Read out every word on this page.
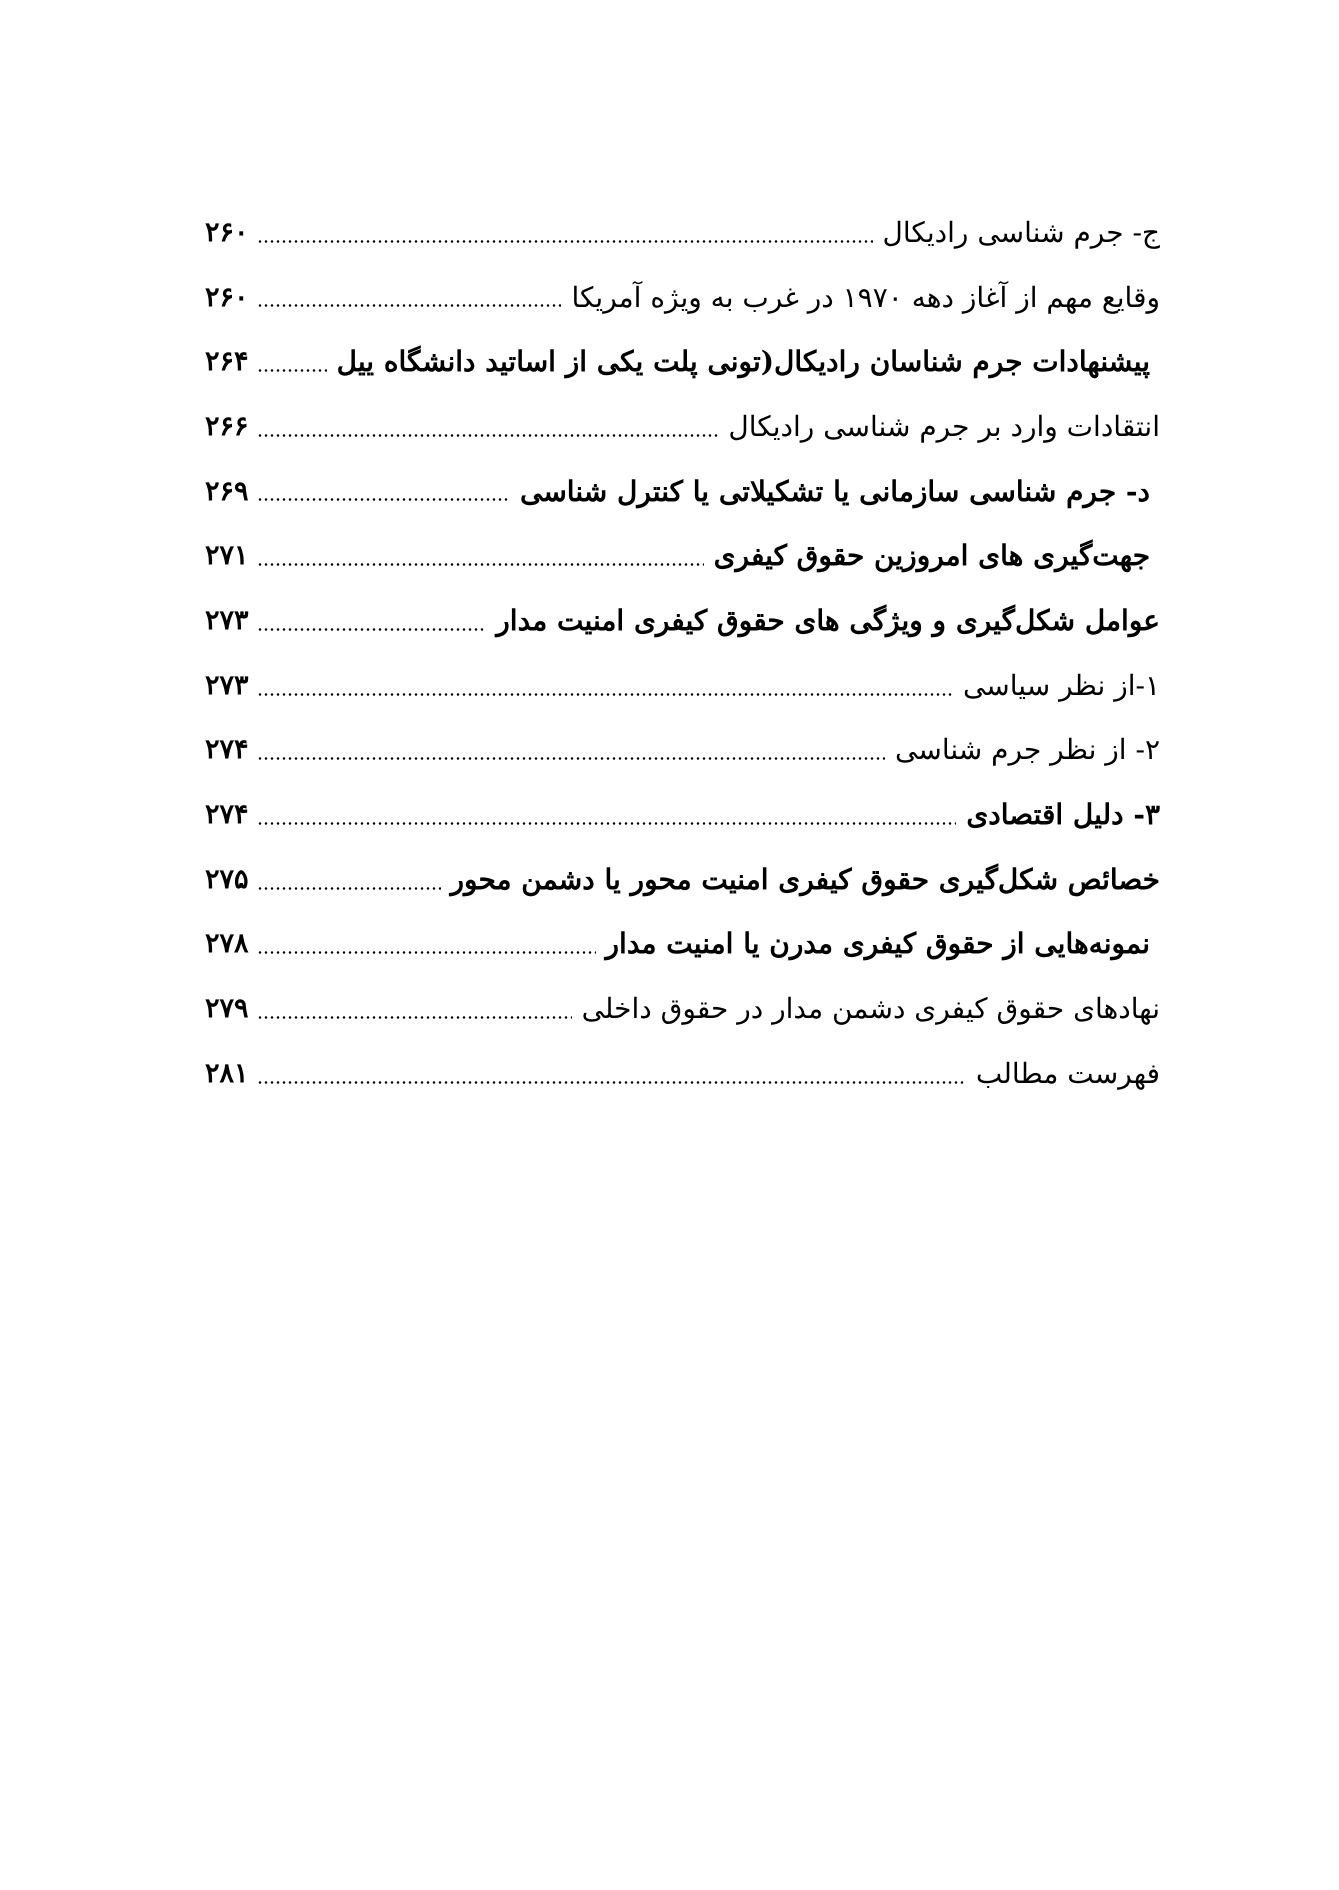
۲۶۰	ج- جرم شناسی رادیکال
۲۶۰	وقایع مهم از آغاز دهه ۱۹۷۰ در غرب به ویژه آمریکا
۲۶۴	پیشنهادات جرم شناسان رادیکال(تونی پلت یکی از اساتید دانشگاه ییل
۲۶۶	انتقادات وارد بر جرم شناسی رادیکال
۲۶۹	د- جرم شناسی سازمانی یا تشکیلاتی یا کنترل شناسی
۲۷۱	جهت‌گیری های امروزین حقوق کیفری
۲۷۳	عوامل شکل‌گیری و ویژگی های حقوق کیفری امنیت مدار
۲۷۳	۱-از نظر سیاسی
۲۷۴	۲- از نظر جرم شناسی
۲۷۴	۳- دلیل اقتصادی
۲۷۵	خصائص شکل‌گیری حقوق کیفری امنیت محور یا دشمن محور
۲۷۸	نمونه‌هایی از حقوق کیفری مدرن یا امنیت مدار
۲۷۹	نهادهای حقوق کیفری دشمن مدار در حقوق داخلی
۲۸۱	فهرست مطالب
